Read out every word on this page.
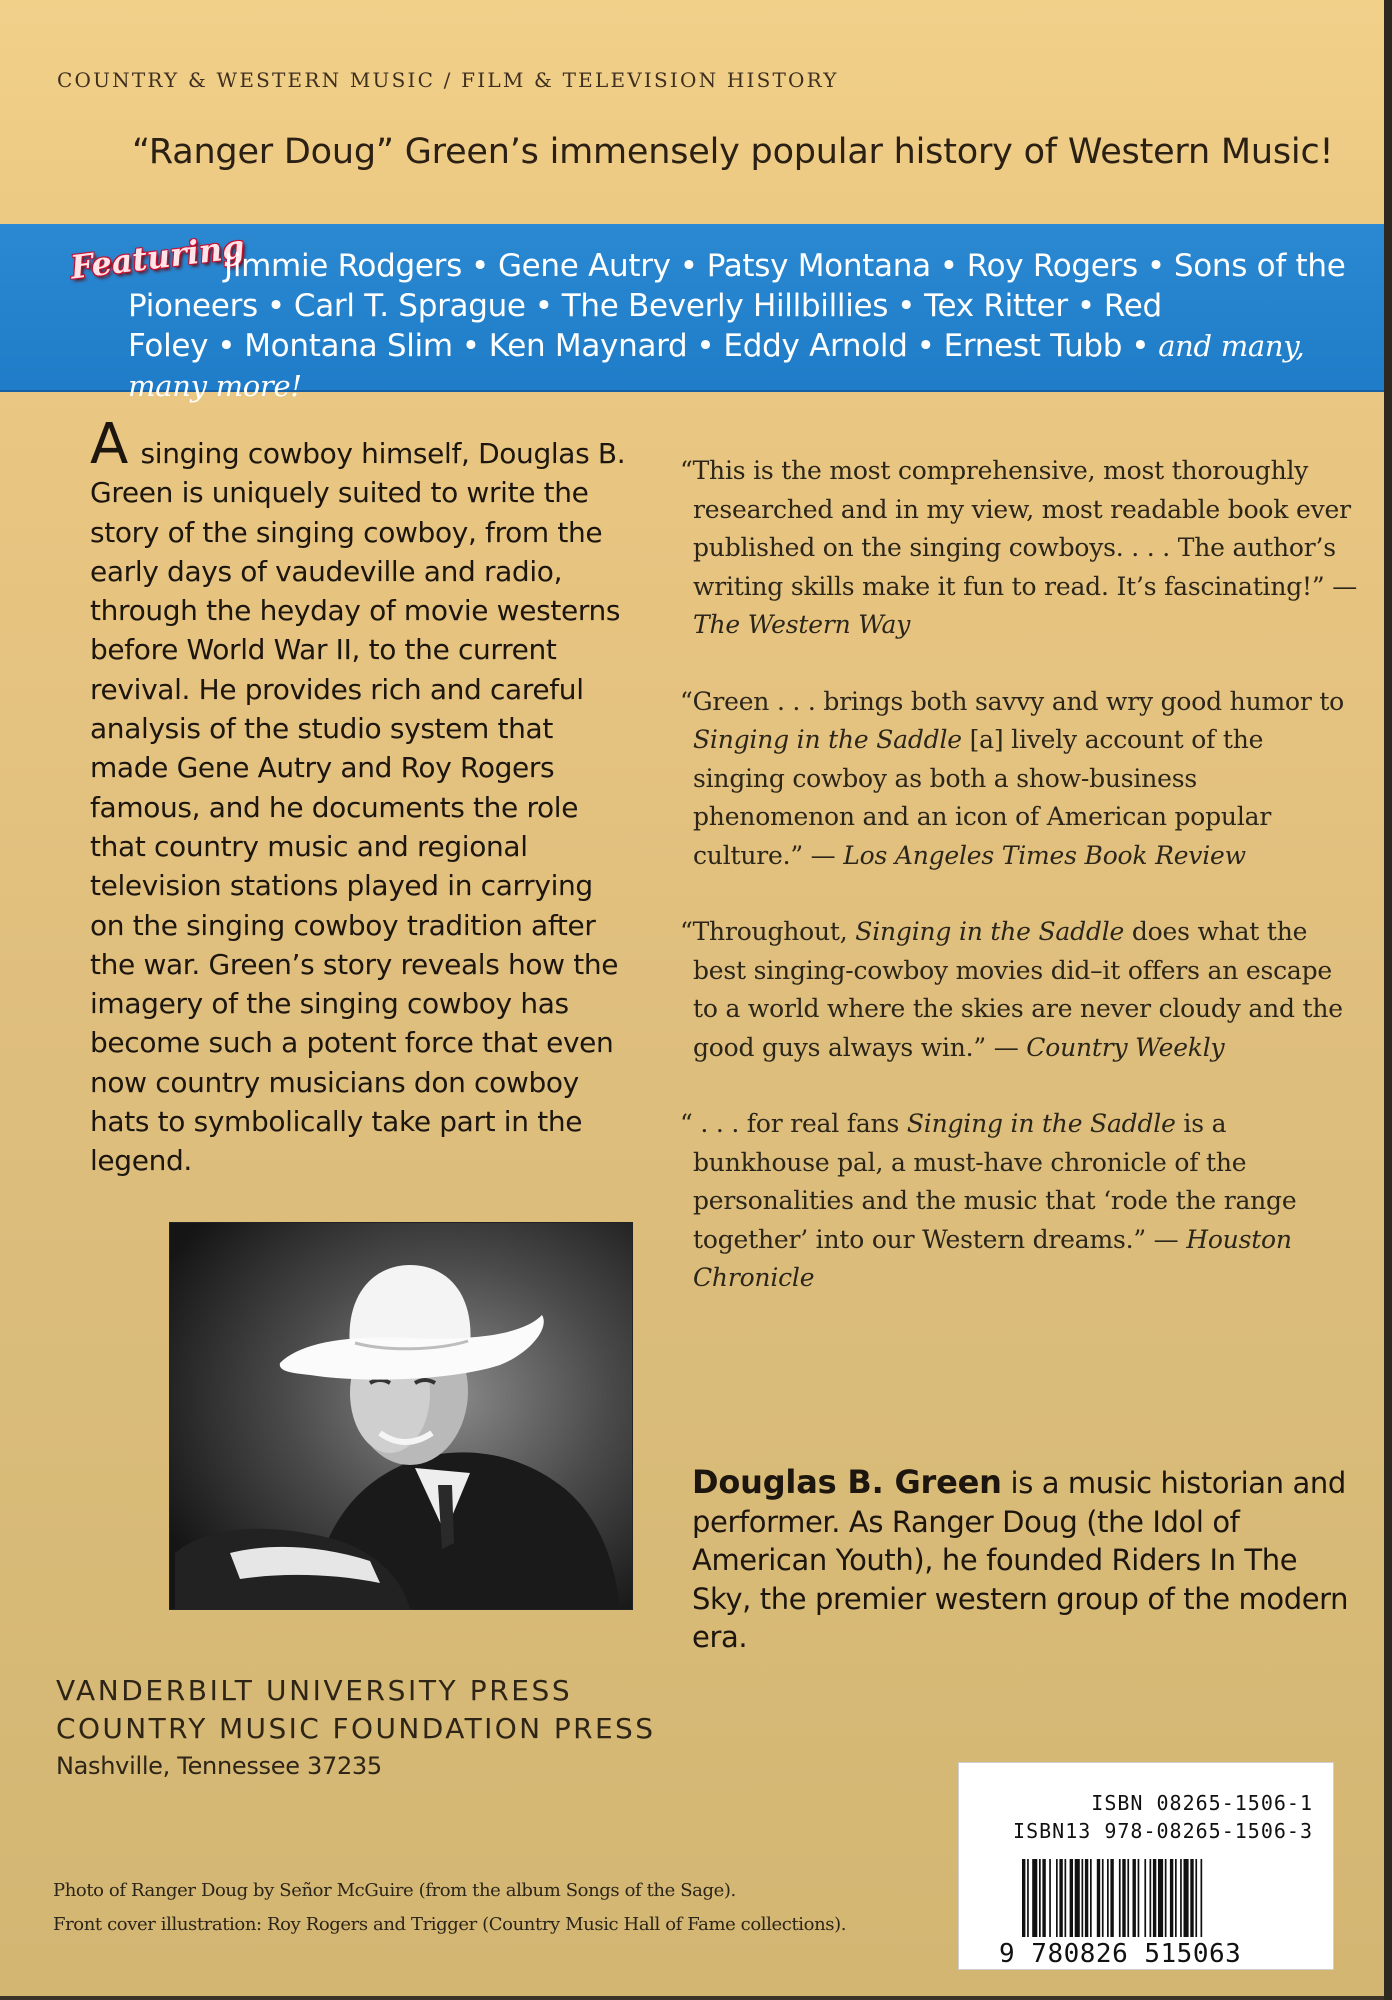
COUNTRY & WESTERN MUSIC / FILM & TELEVISION HISTORY
“Ranger Doug” Green’s immensely popular history of Western Music!
Featuring
Jimmie Rodgers • Gene Autry • Patsy Montana • Roy Rogers • Sons of the Pioneers • Carl T. Sprague • The Beverly Hillbillies • Tex Ritter • Red Foley • Montana Slim • Ken Maynard • Eddy Arnold • Ernest Tubb • and many, many more!
A singing cowboy himself, Douglas B. Green is uniquely suited to write the story of the singing cowboy, from the early days of vaudeville and radio, through the heyday of movie westerns before World War II, to the current revival. He provides rich and careful analysis of the studio system that made Gene Autry and Roy Rogers famous, and he documents the role that country music and regional television stations played in carrying on the singing cowboy tradition after the war. Green’s story reveals how the imagery of the singing cowboy has become such a potent force that even now country musicians don cowboy hats to symbolically take part in the legend.
“This is the most comprehensive, most thoroughly researched and in my view, most readable book ever published on the singing cowboys. . . . The author’s writing skills make it fun to read. It’s fascinating!” — The Western Way
“Green . . . brings both savvy and wry good humor to Singing in the Saddle [a] lively account of the singing cowboy as both a show-business phenomenon and an icon of American popular culture.” — Los Angeles Times Book Review
“Throughout, Singing in the Saddle does what the best singing-cowboy movies did–it offers an escape to a world where the skies are never cloudy and the good guys always win.” — Country Weekly
“ . . . for real fans Singing in the Saddle is a bunkhouse pal, a must-have chronicle of the personalities and the music that ‘rode the range together’ into our Western dreams.” — Houston Chronicle
Douglas B. Green is a music historian and performer. As Ranger Doug (the Idol of American Youth), he founded Riders In The Sky, the premier western group of the modern era.
VANDERBILT UNIVERSITY PRESS
COUNTRY MUSIC FOUNDATION PRESS
Nashville, Tennessee 37235
Photo of Ranger Doug by Señor McGuire (from the album Songs of the Sage).
Front cover illustration: Roy Rogers and Trigger (Country Music Hall of Fame collections).
ISBN 08265-1506-1
ISBN13 978-08265-1506-3
9 780826 515063
